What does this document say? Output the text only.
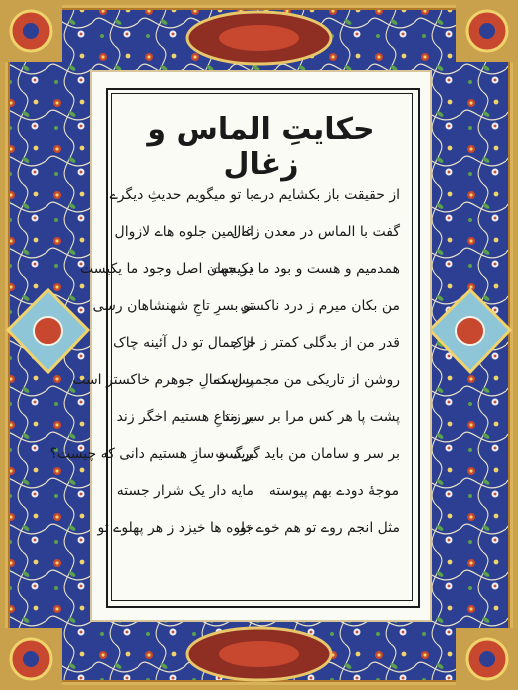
حکایتِ الماس و زغال
از حقیقت باز بکشایم درے
با تو میگویم حدیثِ دیگرے
گفت با الماس در معدن زغال
اے امین جلوه هاے لازوال
همدمیم و هست و بود ما یکیست
در جهان اصل وجود ما یکیست
من بکان میرم ز درد ناکسی
تو بسرِ تاجِ شهنشاهان رسی
قدر من از بدگلی کمتر ز خاک
از جمال تو دل آئینه چاک
روشن از تاریکی من مجمر است
پس کمالِ جوهرم خاکستر است
پشت پا هر کس مرا بر سر زند
بر متاعِ هستیم اخگر زند
بر سر و سامان من باید گریست
برگ و سازِ هستیم دانی که چیست؟
موجهٔ دودے بهم پیوسته
مایه دار یک شرار جسته
مثل انجم روے تو هم خوے تو
جلوه ها خیزد ز هر پهلوے تو
